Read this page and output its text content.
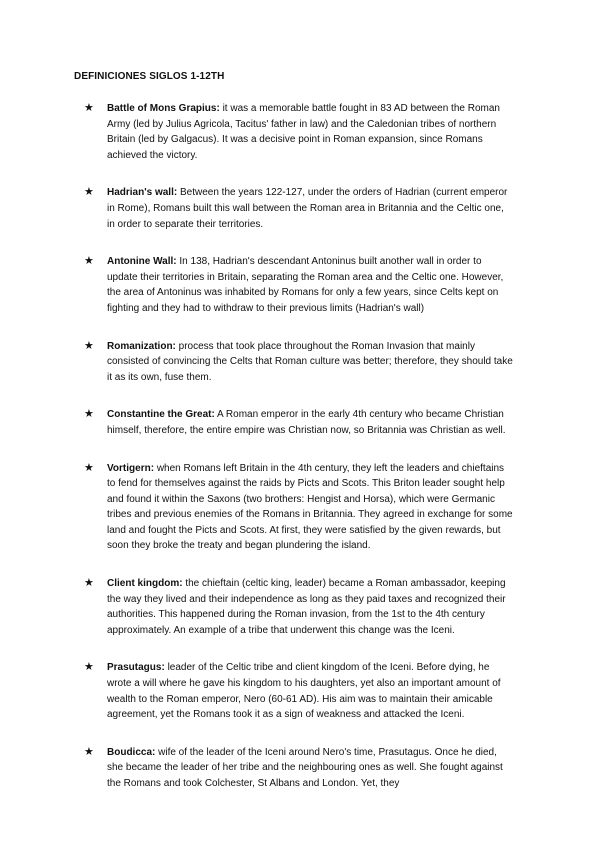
DEFINICIONES SIGLOS 1-12TH
★ Battle of Mons Grapius: it was a memorable battle fought in 83 AD between the Roman Army (led by Julius Agricola, Tacitus' father in law) and the Caledonian tribes of northern Britain (led by Galgacus). It was a decisive point in Roman expansion, since Romans achieved the victory.
★ Hadrian's wall: Between the years 122-127, under the orders of Hadrian (current emperor in Rome), Romans built this wall between the Roman area in Britannia and the Celtic one, in order to separate their territories.
★ Antonine Wall: In 138, Hadrian's descendant Antoninus built another wall in order to update their territories in Britain, separating the Roman area and the Celtic one. However, the area of Antoninus was inhabited by Romans for only a few years, since Celts kept on fighting and they had to withdraw to their previous limits (Hadrian's wall)
★ Romanization: process that took place throughout the Roman Invasion that mainly consisted of convincing the Celts that Roman culture was better; therefore, they should take it as its own, fuse them.
★ Constantine the Great: A Roman emperor in the early 4th century who became Christian himself, therefore, the entire empire was Christian now, so Britannia was Christian as well.
★ Vortigern: when Romans left Britain in the 4th century, they left the leaders and chieftains to fend for themselves against the raids by Picts and Scots. This Briton leader sought help and found it within the Saxons (two brothers: Hengist and Horsa), which were Germanic tribes and previous enemies of the Romans in Britannia. They agreed in exchange for some land and fought the Picts and Scots. At first, they were satisfied by the given rewards, but soon they broke the treaty and began plundering the island.
★ Client kingdom: the chieftain (celtic king, leader) became a Roman ambassador, keeping the way they lived and their independence as long as they paid taxes and recognized their authorities. This happened during the Roman invasion, from the 1st to the 4th century approximately. An example of a tribe that underwent this change was the Iceni.
★ Prasutagus: leader of the Celtic tribe and client kingdom of the Iceni. Before dying, he wrote a will where he gave his kingdom to his daughters, yet also an important amount of wealth to the Roman emperor, Nero (60-61 AD). His aim was to maintain their amicable agreement, yet the Romans took it as a sign of weakness and attacked the Iceni.
★ Boudicca: wife of the leader of the Iceni around Nero's time, Prasutagus. Once he died, she became the leader of her tribe and the neighbouring ones as well. She fought against the Romans and took Colchester, St Albans and London. Yet, they
